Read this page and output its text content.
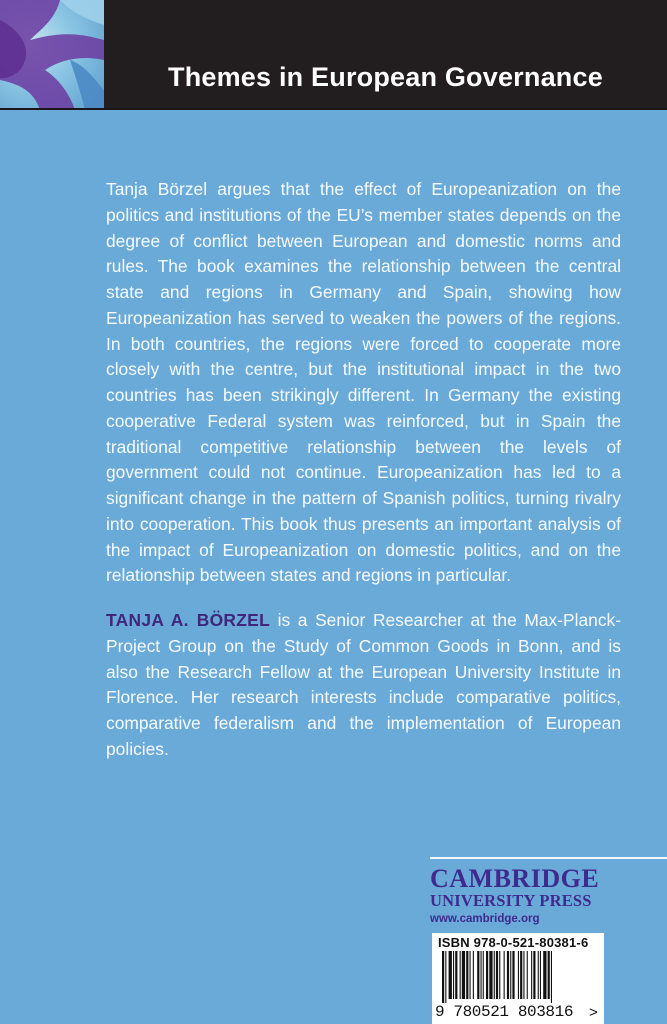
Themes in European Governance

Tanja Börzel argues that the effect of Europeanization on the politics and institutions of the EU’s member states depends on the degree of conflict between European and domestic norms and rules. The book examines the relationship between the central state and regions in Germany and Spain, showing how Europeanization has served to weaken the powers of the regions. In both countries, the regions were forced to cooperate more closely with the centre, but the institutional impact in the two countries has been strikingly different. In Germany the existing cooperative Federal system was reinforced, but in Spain the traditional competitive relationship between the levels of government could not continue. Europeanization has led to a significant change in the pattern of Spanish politics, turning rivalry into cooperation. This book thus presents an important analysis of the impact of Europeanization on domestic politics, and on the relationship between states and regions in particular.

TANJA A. BÖRZEL is a Senior Researcher at the Max-Planck-Project Group on the Study of Common Goods in Bonn, and is also the Research Fellow at the European University Institute in Florence. Her research interests include comparative politics, comparative federalism and the implementation of European policies.
CAMBRIDGE
UNIVERSITY PRESS
www.cambridge.org
ISBN 978-0-521-80381-6
9 780521 803816 >
